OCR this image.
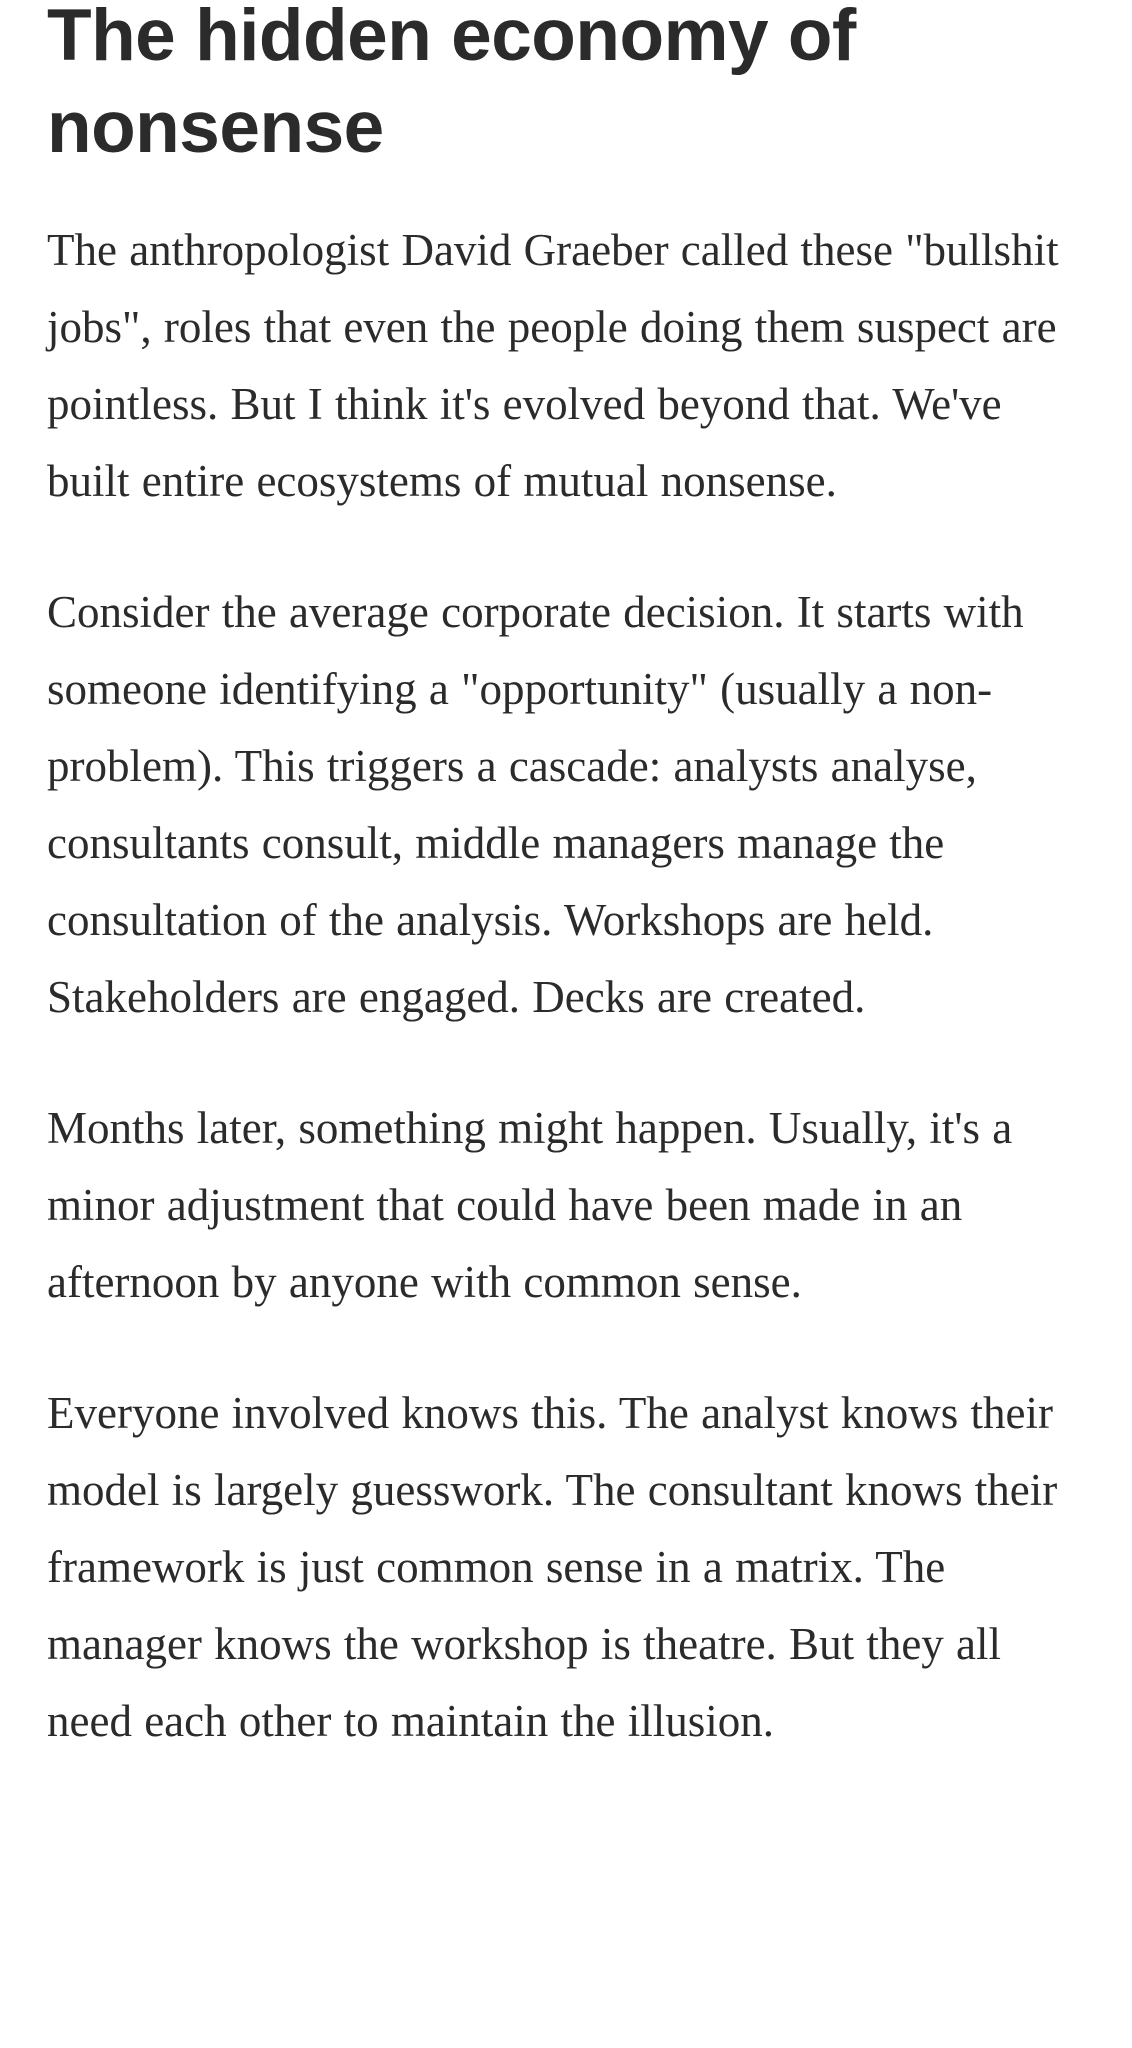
The hidden economy of nonsense

The anthropologist David Graeber called these "bullshit jobs", roles that even the people doing them suspect are pointless. But I think it's evolved beyond that. We've built entire ecosystems of mutual nonsense.

Consider the average corporate decision. It starts with someone identifying a "opportunity" (usually a non-problem). This triggers a cascade: analysts analyse, consultants consult, middle managers manage the consultation of the analysis. Workshops are held. Stakeholders are engaged. Decks are created.

Months later, something might happen. Usually, it's a minor adjustment that could have been made in an afternoon by anyone with common sense.

Everyone involved knows this. The analyst knows their model is largely guesswork. The consultant knows their framework is just common sense in a matrix. The manager knows the workshop is theatre. But they all need each other to maintain the illusion.
